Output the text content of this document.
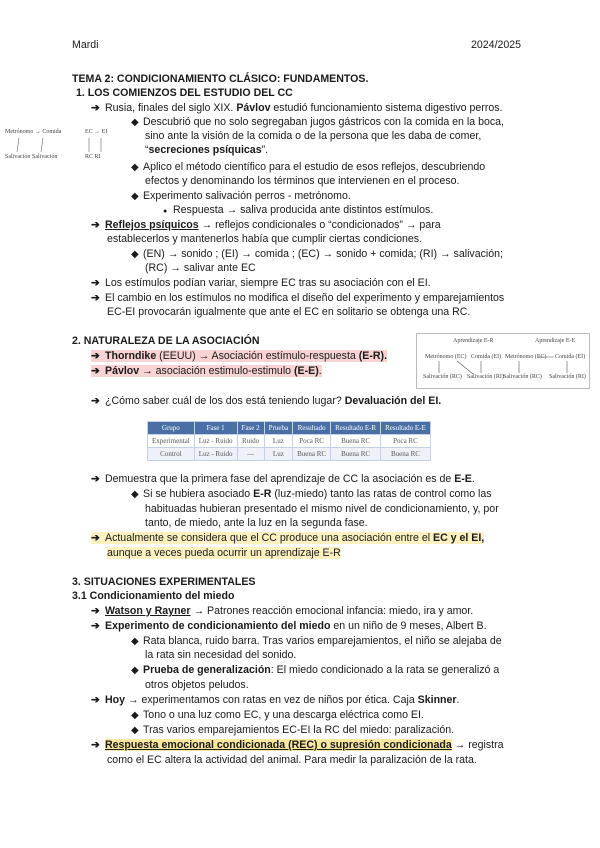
Mardi	2024/2025
TEMA 2: CONDICIONAMIENTO CLÁSICO: FUNDAMENTOS.
1. LOS COMIENZOS DEL ESTUDIO DEL CC
➔ Rusia, finales del siglo XIX. Pávlov estudió funcionamiento sistema digestivo perros.
Metrónomo → Comida	EC → EI
Salivación Salivación	RC RI
◆ Descubrió que no solo segregaban jugos gástricos con la comida en la boca,
sino ante la visión de la comida o de la persona que les daba de comer,
“secreciones psíquicas”.
◆ Aplico el método científico para el estudio de esos reflejos, descubriendo
efectos y denominando los términos que intervienen en el proceso.
◆ Experimento salivación perros - metrónomo.
● Respuesta → saliva producida ante distintos estímulos.
➔ Reflejos psíquicos → reflejos condicionales o “condicionados” → para
establecerlos y mantenerlos había que cumplir ciertas condiciones.
◆ (EN) → sonido ; (EI) → comida ; (EC) → sonido + comida; (RI) → salivación;
(RC) → salivar ante EC
➔ Los estímulos podían variar, siempre EC tras su asociación con el EI.
➔ El cambio en los estímulos no modifica el diseño del experimento y emparejamientos
EC-EI provocarán igualmente que ante el EC en solitario se obtenga una RC.
2. NATURALEZA DE LA ASOCIACIÓN
➔ Thorndike (EEUU) → Asociación estímulo-respuesta (E-R).
➔ Pávlov → asociación estimulo-estimulo (E-E).
Aprendizaje E-R	Aprendizaje E-E
Metrónomo (EC) Comida (EI) Metrónomo (EC) Comida (EI)
Salivación (RC) Salivación (RI) Salivación (RC) Salivación (RI)
➔ ¿Cómo saber cuál de los dos está teniendo lugar? Devaluación del EI.
Grupo	Fase 1	Fase 2	Prueba	Resultado	Resultado E-R	Resultado E-E
Experimental	Luz - Ruido	Ruido	Luz	Poca RC	Buena RC	Poca RC
Control	Luz - Ruido	—	Luz	Buena RC	Buena RC	Buena RC
➔ Demuestra que la primera fase del aprendizaje de CC la asociación es de E-E.
◆ Si se hubiera asociado E-R (luz-miedo) tanto las ratas de control como las
habituadas hubieran presentado el mismo nivel de condicionamiento, y, por
tanto, de miedo, ante la luz en la segunda fase.
➔ Actualmente se considera que el CC produce una asociación entre el EC y el EI,
aunque a veces pueda ocurrir un aprendizaje E-R
3. SITUACIONES EXPERIMENTALES
3.1 Condicionamiento del miedo
➔ Watson y Rayner → Patrones reacción emocional infancia: miedo, ira y amor.
➔ Experimento de condicionamiento del miedo en un niño de 9 meses, Albert B.
◆ Rata blanca, ruido barra. Tras varios emparejamientos, el niño se alejaba de
la rata sin necesidad del sonido.
◆ Prueba de generalización: El miedo condicionado a la rata se generalizó a
otros objetos peludos.
➔ Hoy → experimentamos con ratas en vez de niños por ética. Caja Skinner.
◆ Tono o una luz como EC, y una descarga eléctrica como EI.
◆ Tras varios emparejamientos EC-EI la RC del miedo: paralización.
➔ Respuesta emocional condicionada (REC) o supresión condicionada → registra
como el EC altera la actividad del animal. Para medir la paralización de la rata.
